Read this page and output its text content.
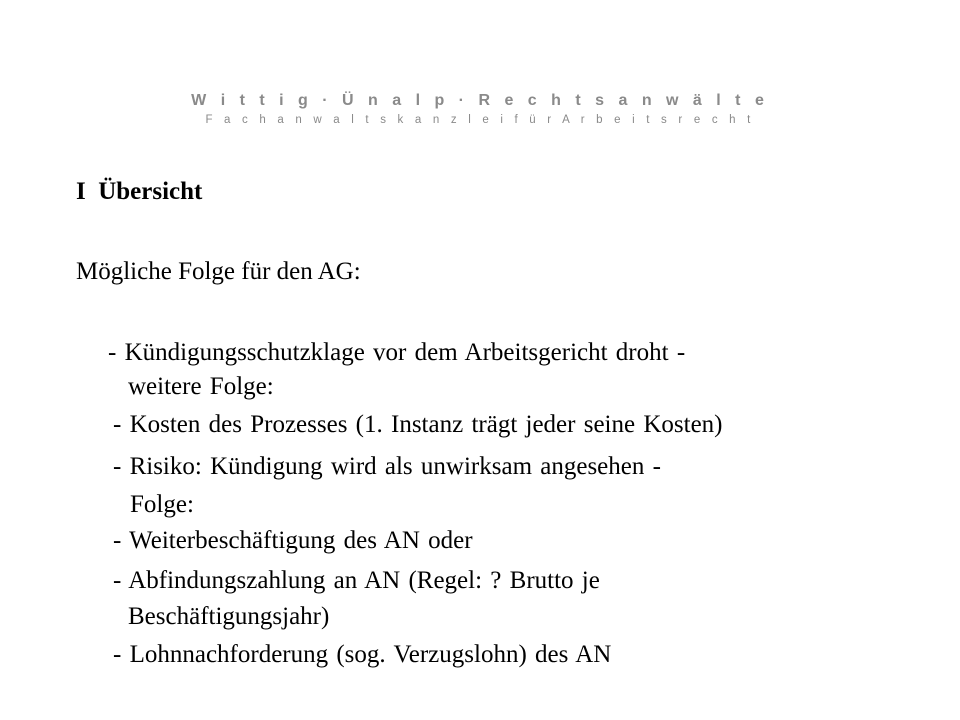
W i t t i g · Ü n a l p · R e c h t s a n w ä l t e
F a c h a n w a l t s k a n z l e i f ü r A r b e i t s r e c h t
I  Übersicht
Mögliche Folge für den AG:
- Kündigungsschutzklage vor dem Arbeitsgericht droht -
weitere Folge:
- Kosten des Prozesses (1. Instanz trägt jeder seine Kosten)
- Risiko: Kündigung wird als unwirksam angesehen -
Folge:
- Weiterbeschäftigung des AN oder
- Abfindungszahlung an AN (Regel: ? Brutto je
Beschäftigungsjahr)
- Lohnnachforderung (sog. Verzugslohn) des AN
